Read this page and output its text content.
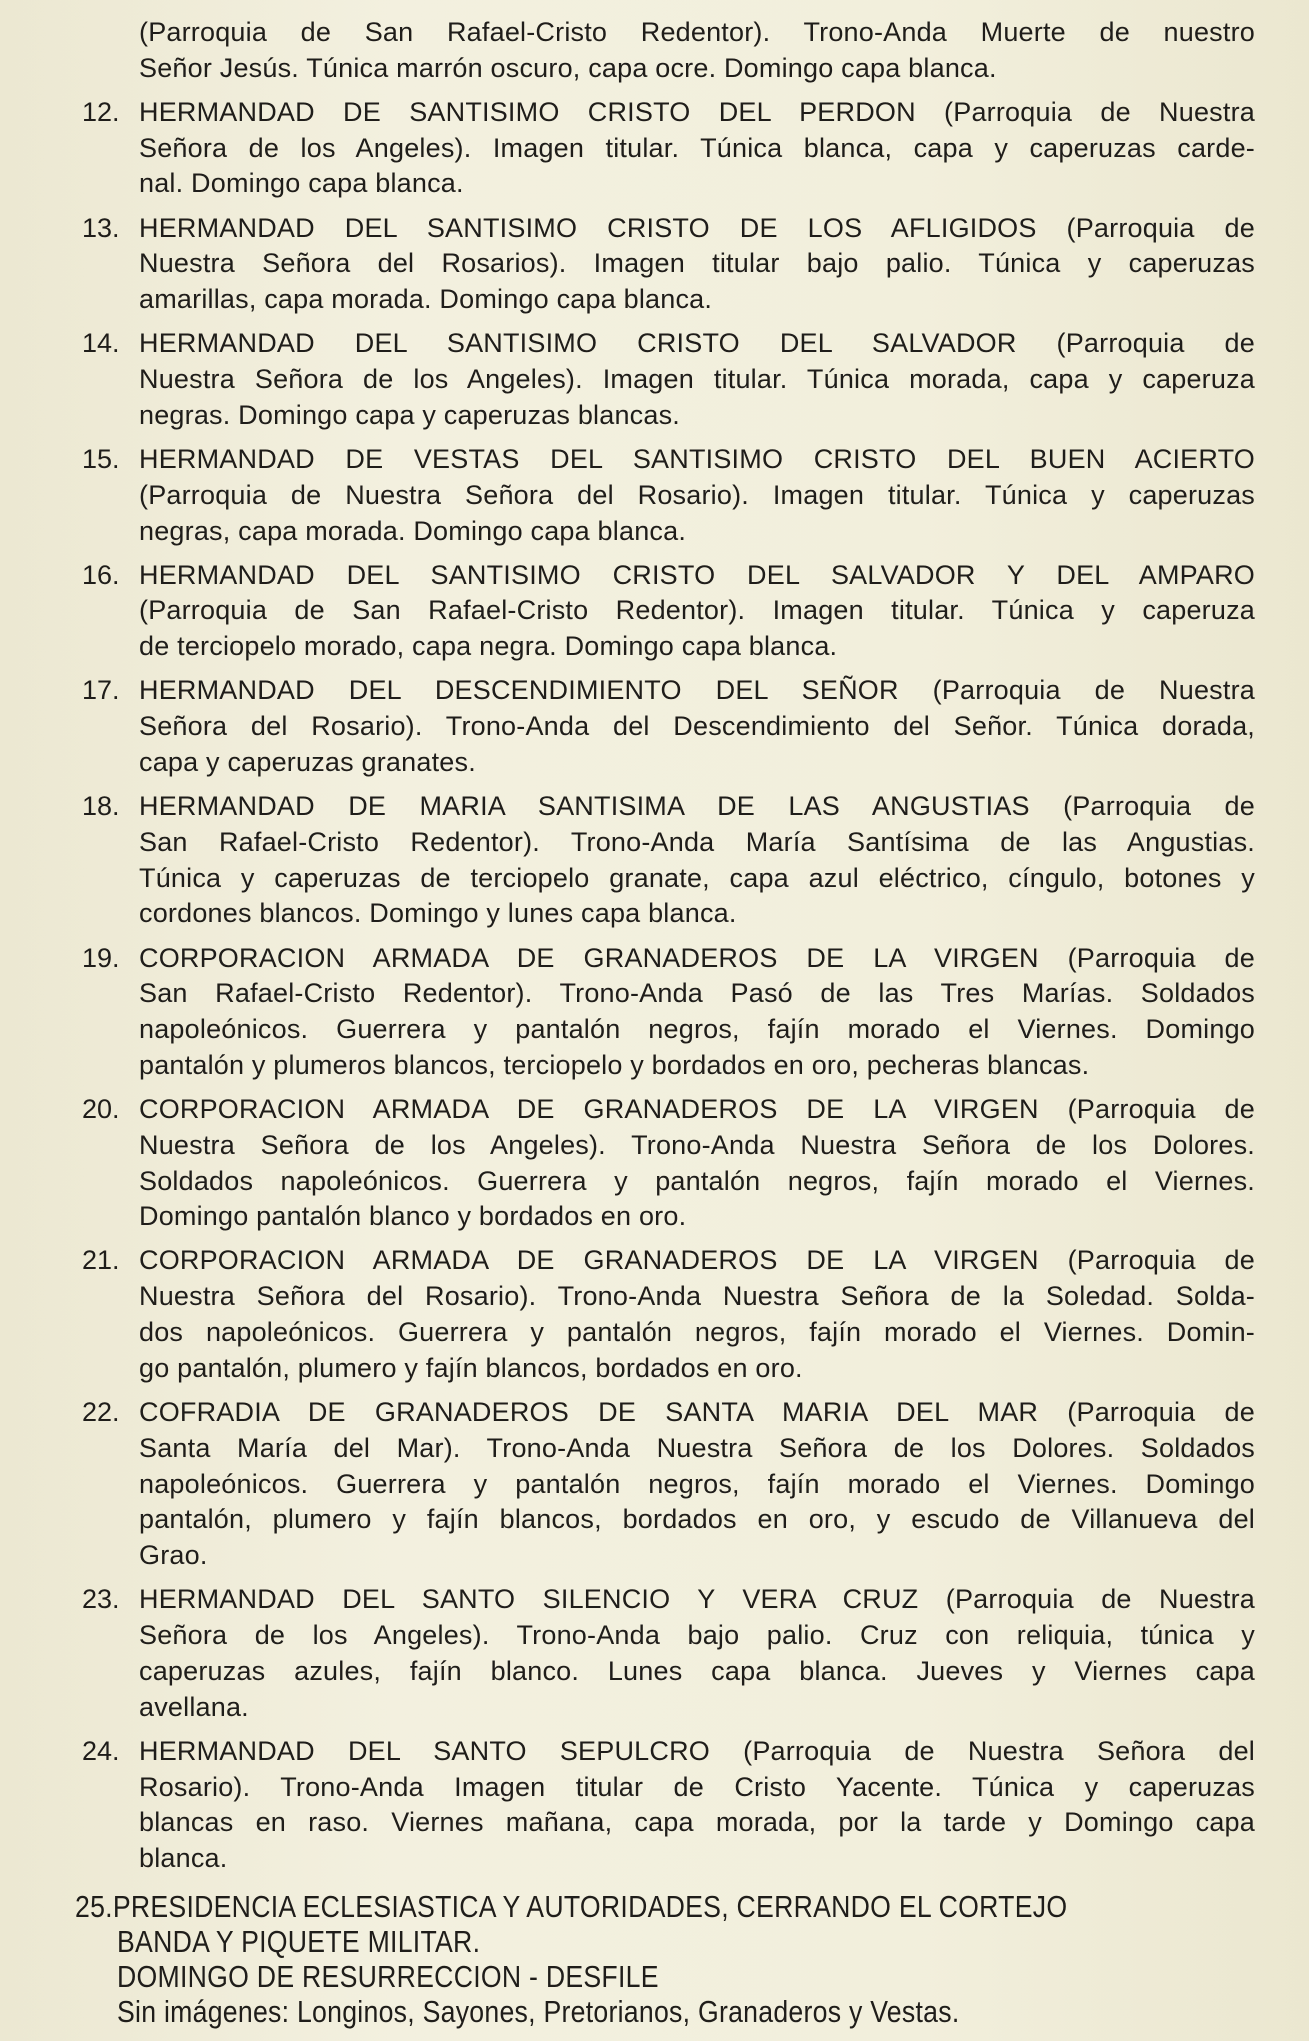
(Parroquia de San Rafael-Cristo Redentor). Trono-Anda Muerte de nuestro
Señor Jesús. Túnica marrón oscuro, capa ocre. Domingo capa blanca.
12. HERMANDAD DE SANTISIMO CRISTO DEL PERDON (Parroquia de Nuestra
Señora de los Angeles). Imagen titular. Túnica blanca, capa y caperuzas carde-
nal. Domingo capa blanca.
13. HERMANDAD DEL SANTISIMO CRISTO DE LOS AFLIGIDOS (Parroquia de
Nuestra Señora del Rosarios). Imagen titular bajo palio. Túnica y caperuzas
amarillas, capa morada. Domingo capa blanca.
14. HERMANDAD DEL SANTISIMO CRISTO DEL SALVADOR (Parroquia de
Nuestra Señora de los Angeles). Imagen titular. Túnica morada, capa y caperuza
negras. Domingo capa y caperuzas blancas.
15. HERMANDAD DE VESTAS DEL SANTISIMO CRISTO DEL BUEN ACIERTO
(Parroquia de Nuestra Señora del Rosario). Imagen titular. Túnica y caperuzas
negras, capa morada. Domingo capa blanca.
16. HERMANDAD DEL SANTISIMO CRISTO DEL SALVADOR Y DEL AMPARO
(Parroquia de San Rafael-Cristo Redentor). Imagen titular. Túnica y caperuza
de terciopelo morado, capa negra. Domingo capa blanca.
17. HERMANDAD DEL DESCENDIMIENTO DEL SEÑOR (Parroquia de Nuestra
Señora del Rosario). Trono-Anda del Descendimiento del Señor. Túnica dorada,
capa y caperuzas granates.
18. HERMANDAD DE MARIA SANTISIMA DE LAS ANGUSTIAS (Parroquia de
San Rafael-Cristo Redentor). Trono-Anda María Santísima de las Angustias.
Túnica y caperuzas de terciopelo granate, capa azul eléctrico, cíngulo, botones y
cordones blancos. Domingo y lunes capa blanca.
19. CORPORACION ARMADA DE GRANADEROS DE LA VIRGEN (Parroquia de
San Rafael-Cristo Redentor). Trono-Anda Pasó de las Tres Marías. Soldados
napoleónicos. Guerrera y pantalón negros, fajín morado el Viernes. Domingo
pantalón y plumeros blancos, terciopelo y bordados en oro, pecheras blancas.
20. CORPORACION ARMADA DE GRANADEROS DE LA VIRGEN (Parroquia de
Nuestra Señora de los Angeles). Trono-Anda Nuestra Señora de los Dolores.
Soldados napoleónicos. Guerrera y pantalón negros, fajín morado el Viernes.
Domingo pantalón blanco y bordados en oro.
21. CORPORACION ARMADA DE GRANADEROS DE LA VIRGEN (Parroquia de
Nuestra Señora del Rosario). Trono-Anda Nuestra Señora de la Soledad. Solda-
dos napoleónicos. Guerrera y pantalón negros, fajín morado el Viernes. Domin-
go pantalón, plumero y fajín blancos, bordados en oro.
22. COFRADIA DE GRANADEROS DE SANTA MARIA DEL MAR (Parroquia de
Santa María del Mar). Trono-Anda Nuestra Señora de los Dolores. Soldados
napoleónicos. Guerrera y pantalón negros, fajín morado el Viernes. Domingo
pantalón, plumero y fajín blancos, bordados en oro, y escudo de Villanueva del
Grao.
23. HERMANDAD DEL SANTO SILENCIO Y VERA CRUZ (Parroquia de Nuestra
Señora de los Angeles). Trono-Anda bajo palio. Cruz con reliquia, túnica y
caperuzas azules, fajín blanco. Lunes capa blanca. Jueves y Viernes capa
avellana.
24. HERMANDAD DEL SANTO SEPULCRO (Parroquia de Nuestra Señora del
Rosario). Trono-Anda Imagen titular de Cristo Yacente. Túnica y caperuzas
blancas en raso. Viernes mañana, capa morada, por la tarde y Domingo capa
blanca.
25.PRESIDENCIA ECLESIASTICA Y AUTORIDADES, CERRANDO EL CORTEJO
BANDA Y PIQUETE MILITAR.
DOMINGO DE RESURRECCION - DESFILE
Sin imágenes: Longinos, Sayones, Pretorianos, Granaderos y Vestas.
